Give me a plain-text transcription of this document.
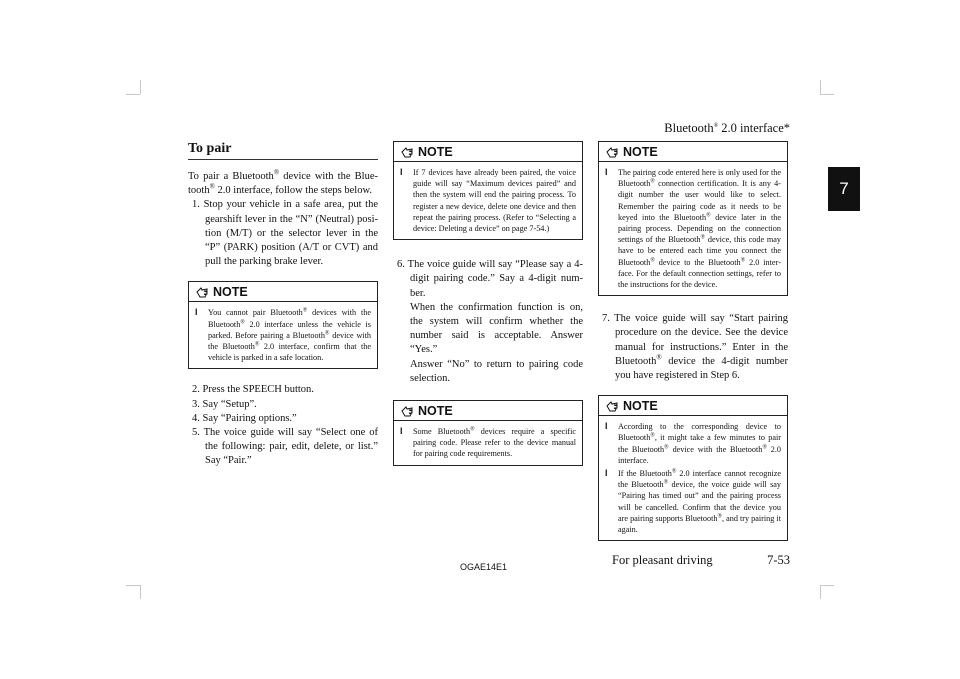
Bluetooth® 2.0 interface*
7
To pair

To pair a Bluetooth® device with the Bluetooth® 2.0 interface, follow the steps below.

1. Stop your vehicle in a safe area, put the gearshift lever in the “N” (Neutral) position (M/T) or the selector lever in the “P” (PARK) position (A/T or CVT) and pull the parking brake lever.

NOTE
l	You cannot pair Bluetooth® devices with the Bluetooth® 2.0 interface unless the vehicle is parked. Before pairing a Bluetooth® device with the Bluetooth® 2.0 interface, confirm that the vehicle is parked in a safe location.

2. Press the SPEECH button.

3. Say “Setup”.

4. Say “Pairing options.”

5. The voice guide will say “Select one of the following: pair, edit, delete, or list.” Say “Pair.”

NOTE
l	If 7 devices have already been paired, the voice guide will say “Maximum devices paired” and then the system will end the pairing process. To register a new device, delete one device and then repeat the pairing process. (Refer to “Selecting a device: Deleting a device” on page 7-54.)

6. The voice guide will say “Please say a 4-digit pairing code.” Say a 4-digit number.
When the confirmation function is on, the system will confirm whether the number said is acceptable. Answer “Yes.”
Answer “No” to return to pairing code selection.

NOTE
l	Some Bluetooth® devices require a specific pairing code. Please refer to the device manual for pairing code requirements.
NOTE
l	The pairing code entered here is only used for the Bluetooth® connection certification. It is any 4-digit number the user would like to select. Remember the pairing code as it needs to be keyed into the Bluetooth® device later in the pairing process. Depending on the connection settings of the Bluetooth® device, this code may have to be entered each time you connect the Bluetooth® device to the Bluetooth® 2.0 interface. For the default connection settings, refer to the instructions for the device.

7. The voice guide will say “Start pairing procedure on the device. See the device manual for instructions.” Enter in the Bluetooth® device the 4-digit number you have registered in Step 6.

NOTE
l	According to the corresponding device to Bluetooth®, it might take a few minutes to pair the Bluetooth® device with the Bluetooth® 2.0 interface.
l	If the Bluetooth® 2.0 interface cannot recognize the Bluetooth® device, the voice guide will say “Pairing has timed out” and the pairing process will be cancelled. Confirm that the device you are pairing supports Bluetooth®, and try pairing it again.
OGAE14E1	For pleasant driving	7-53
